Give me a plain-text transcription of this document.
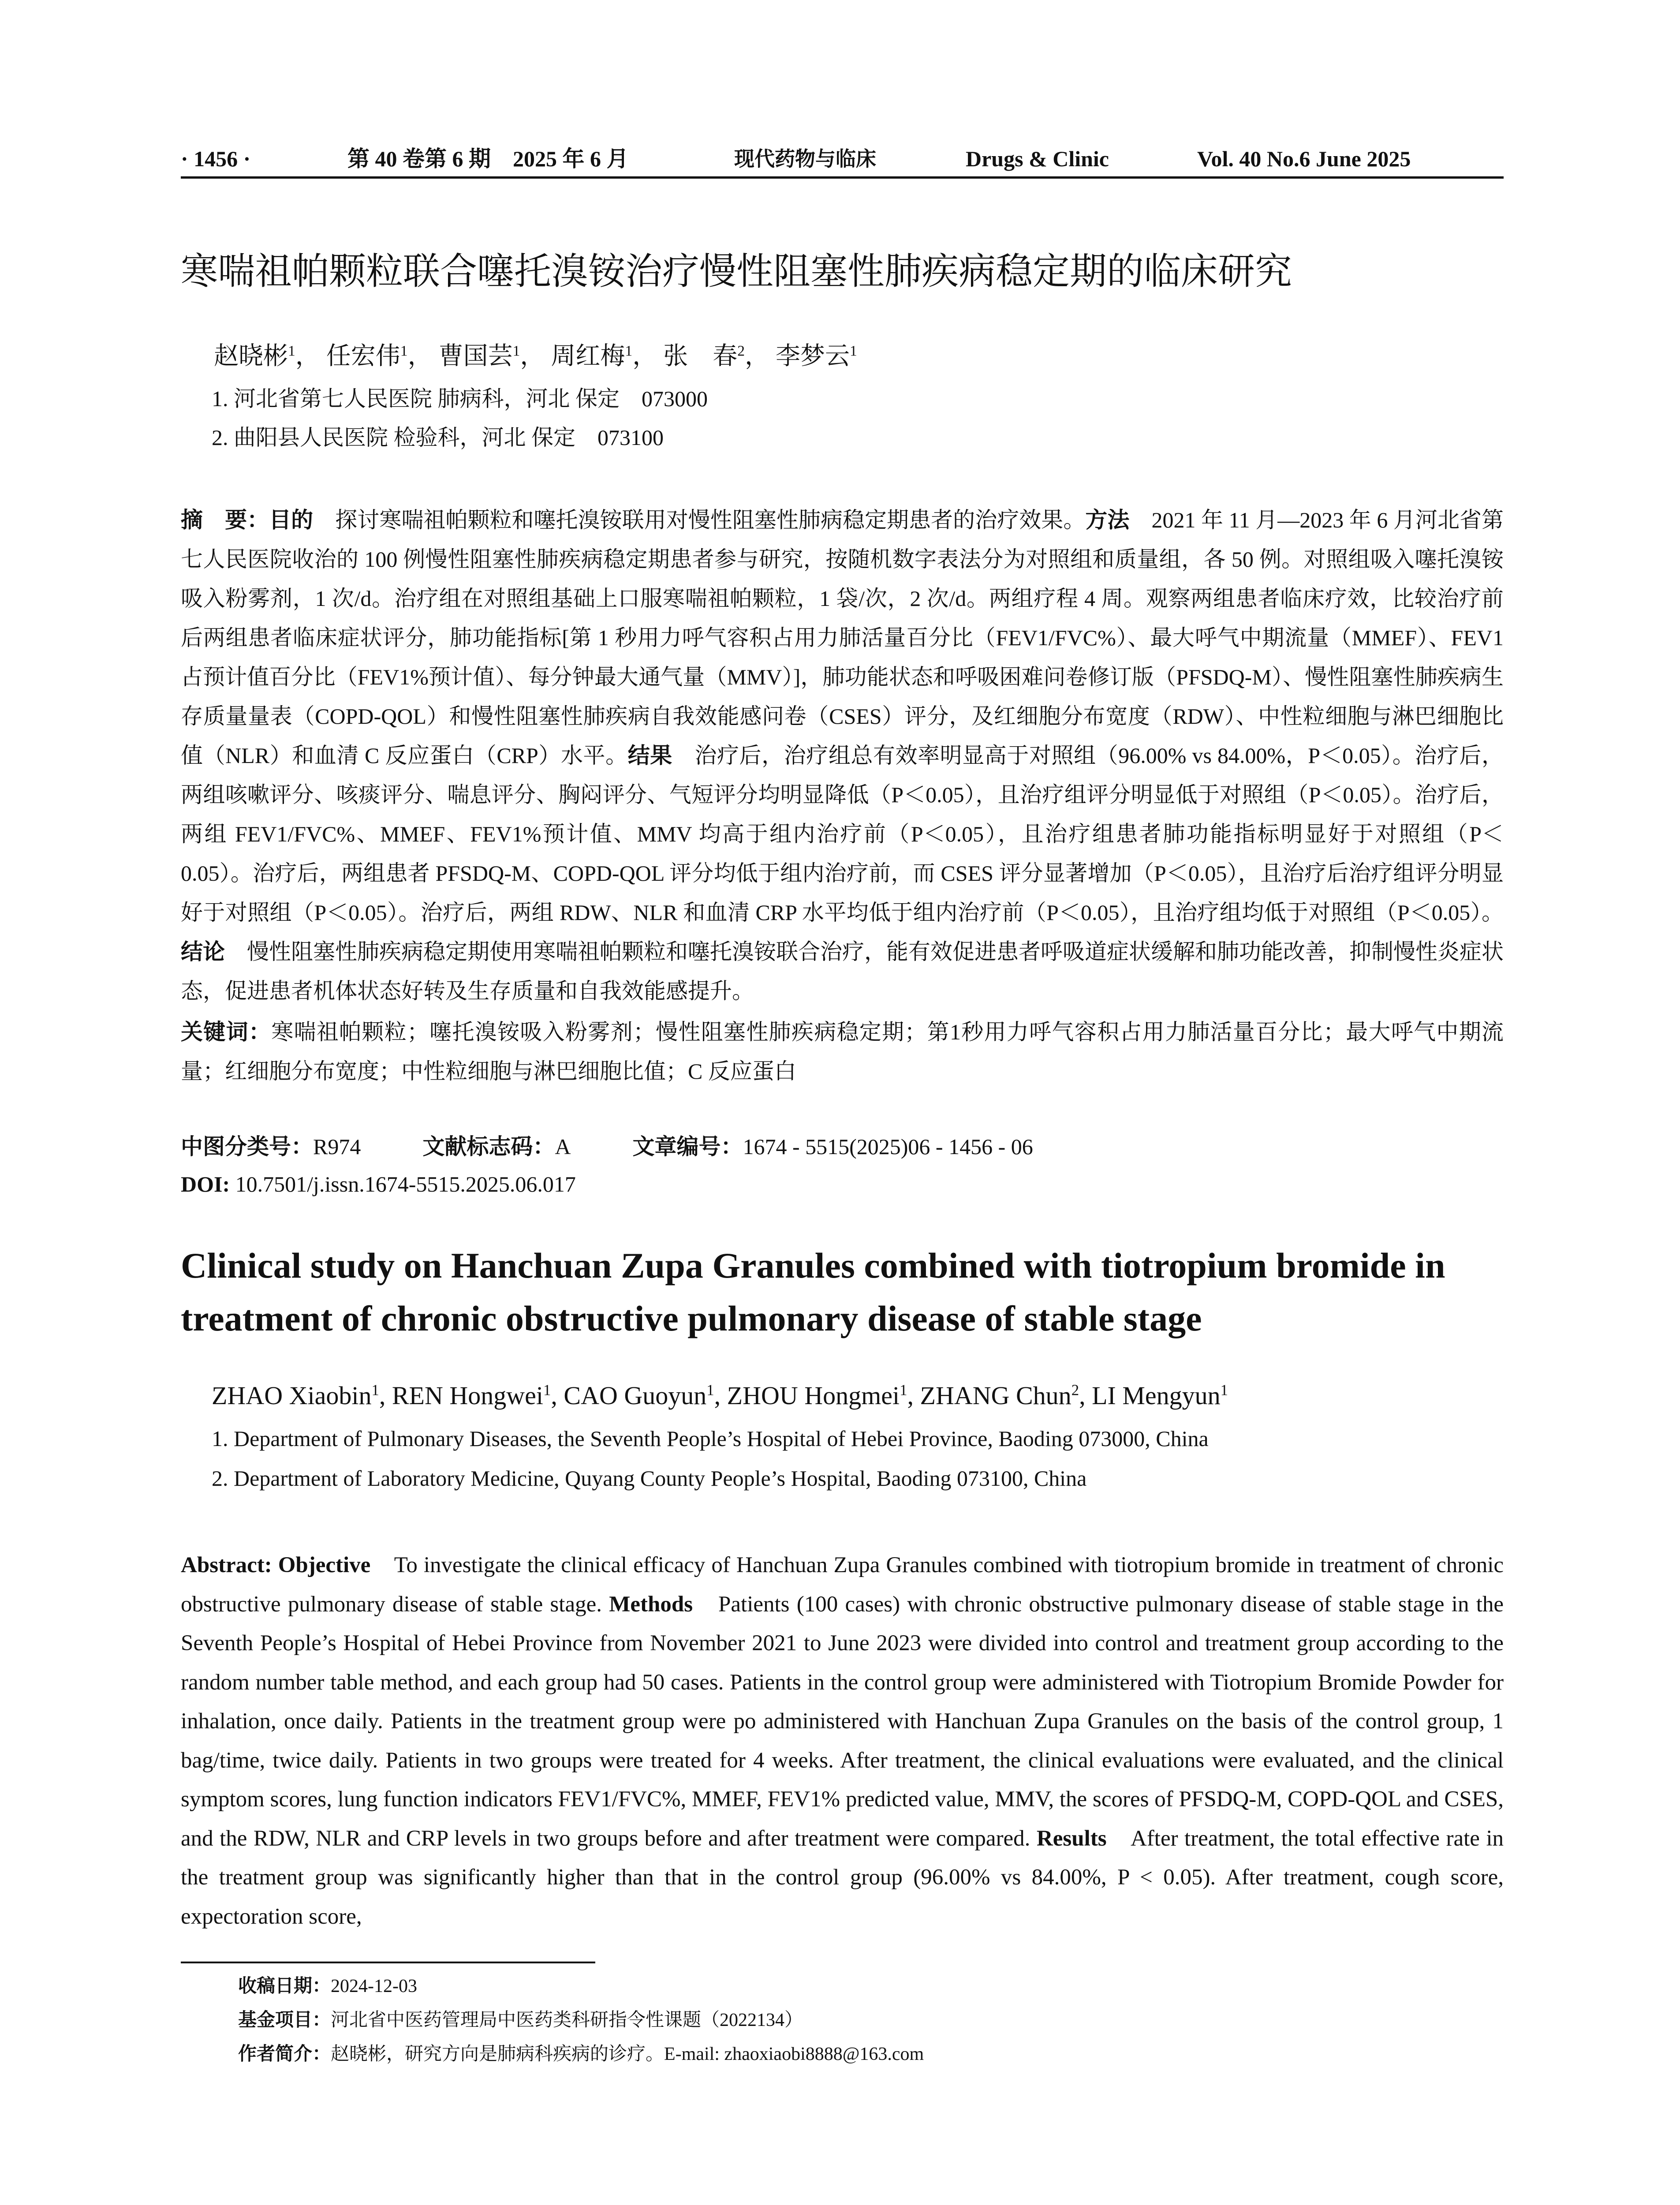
· 1456 ·	第 40 卷第 6 期　2025 年 6 月	现代药物与临床	Drugs & Clinic	Vol. 40 No.6 June 2025
寒喘祖帕颗粒联合噻托溴铵治疗慢性阻塞性肺疾病稳定期的临床研究
赵晓彬$^1$， 任宏伟$^1$， 曹国芸$^1$， 周红梅$^1$， 张　春$^2$， 李梦云$^1$
1. 河北省第七人民医院 肺病科，河北 保定　073000
2. 曲阳县人民医院 检验科，河北 保定　073100

摘　要：目的　探讨寒喘祖帕颗粒和噻托溴铵联用对慢性阻塞性肺病稳定期患者的治疗效果。方法　2021 年 11 月—2023 年 6 月河北省第七人民医院收治的 100 例慢性阻塞性肺疾病稳定期患者参与研究，按随机数字表法分为对照组和质量组，各 50 例。对照组吸入噻托溴铵吸入粉雾剂，1 次/d。治疗组在对照组基础上口服寒喘祖帕颗粒，1 袋/次，2 次/d。两组疗程 4 周。观察两组患者临床疗效，比较治疗前后两组患者临床症状评分，肺功能指标[第 1 秒用力呼气容积占用力肺活量百分比（FEV1/FVC%）、最大呼气中期流量（MMEF）、FEV1 占预计值百分比（FEV1%预计值）、每分钟最大通气量（MMV）]，肺功能状态和呼吸困难问卷修订版（PFSDQ-M）、慢性阻塞性肺疾病生存质量量表（COPD-QOL）和慢性阻塞性肺疾病自我效能感问卷（CSES）评分，及红细胞分布宽度（RDW）、中性粒细胞与淋巴细胞比值（NLR）和血清 C 反应蛋白（CRP）水平。结果　治疗后，治疗组总有效率明显高于对照组（96.00% vs 84.00%，P＜0.05）。治疗后，两组咳嗽评分、咳痰评分、喘息评分、胸闷评分、气短评分均明显降低（P＜0.05），且治疗组评分明显低于对照组（P＜0.05）。治疗后，两组 FEV1/FVC%、MMEF、FEV1%预计值、MMV 均高于组内治疗前（P＜0.05），且治疗组患者肺功能指标明显好于对照组（P＜0.05）。治疗后，两组患者 PFSDQ-M、COPD-QOL 评分均低于组内治疗前，而 CSES 评分显著增加（P＜0.05），且治疗后治疗组评分明显好于对照组（P＜0.05）。治疗后，两组 RDW、NLR 和血清 CRP 水平均低于组内治疗前（P＜0.05），且治疗组均低于对照组（P＜0.05）。结论　慢性阻塞性肺疾病稳定期使用寒喘祖帕颗粒和噻托溴铵联合治疗，能有效促进患者呼吸道症状缓解和肺功能改善，抑制慢性炎症状态，促进患者机体状态好转及生存质量和自我效能感提升。

关键词：寒喘祖帕颗粒；噻托溴铵吸入粉雾剂；慢性阻塞性肺疾病稳定期；第1秒用力呼气容积占用力肺活量百分比；最大呼气中期流量；红细胞分布宽度；中性粒细胞与淋巴细胞比值；C 反应蛋白

中图分类号：R974	文献标志码：A	文章编号：1674 - 5515(2025)06 - 1456 - 06
DOI: 10.7501/j.issn.1674-5515.2025.06.017
Clinical study on Hanchuan Zupa Granules combined with tiotropium bromide in treatment of chronic obstructive pulmonary disease of stable stage
ZHAO Xiaobin$^1$, REN Hongwei$^1$, CAO Guoyun$^1$, ZHOU Hongmei$^1$, ZHANG Chun$^2$, LI Mengyun$^1$
1. Department of Pulmonary Diseases, the Seventh People’s Hospital of Hebei Province, Baoding 073000, China
2. Department of Laboratory Medicine, Quyang County People’s Hospital, Baoding 073100, China

Abstract: Objective　To investigate the clinical efficacy of Hanchuan Zupa Granules combined with tiotropium bromide in treatment of chronic obstructive pulmonary disease of stable stage. Methods　Patients (100 cases) with chronic obstructive pulmonary disease of stable stage in the Seventh People’s Hospital of Hebei Province from November 2021 to June 2023 were divided into control and treatment group according to the random number table method, and each group had 50 cases. Patients in the control group were administered with Tiotropium Bromide Powder for inhalation, once daily. Patients in the treatment group were po administered with Hanchuan Zupa Granules on the basis of the control group, 1 bag/time, twice daily. Patients in two groups were treated for 4 weeks. After treatment, the clinical evaluations were evaluated, and the clinical symptom scores, lung function indicators FEV1/FVC%, MMEF, FEV1% predicted value, MMV, the scores of PFSDQ-M, COPD-QOL and CSES, and the RDW, NLR and CRP levels in two groups before and after treatment were compared. Results　After treatment, the total effective rate in the treatment group was significantly higher than that in the control group (96.00% vs 84.00%, P < 0.05). After treatment, cough score, expectoration score,

收稿日期：2024-12-03
基金项目：河北省中医药管理局中医药类科研指令性课题（2022134）
作者简介：赵晓彬，研究方向是肺病科疾病的诊疗。E-mail: zhaoxiaobi8888@163.com
